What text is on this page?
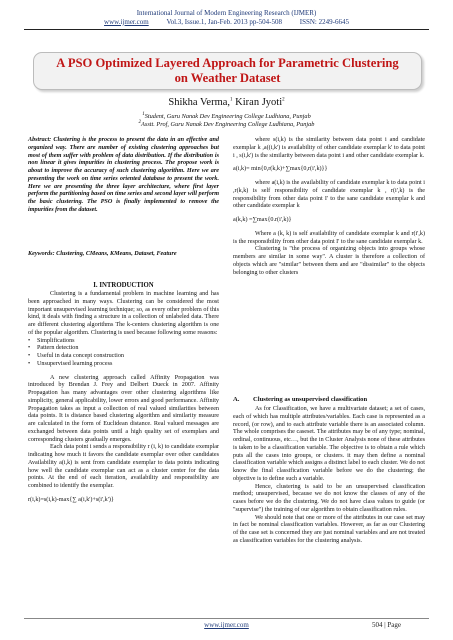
International Journal of Modern Engineering Research (IJMER)
www.ijmer.com	Vol.3, Issue.1, Jan-Feb. 2013 pp-504-508	ISSN: 2249-6645
A PSO Optimized Layered Approach for Parametric Clustering
on Weather Dataset
Shikha Verma,$^1$ Kiran Jyoti$^2$
$^1$Student, Guru Nanak Dev Engineering College Ludhiana, Punjab
$^2$Asstt. Prof, Guru Nanak Dev Engineering College Ludhiana, Punjab

Abstract: Clustering is the process to present the data in an effective and organized way. There are number of existing clustering approaches but most of them suffer with problem of data distribution. If the distribution is non linear it gives impurities in clustering process. The propose work is about to improve the accuracy of such clustering algorithm. Here we are presenting the work on time series oriented database to present the work. Here we are presenting the three layer architecture, where first layer perform the partitioning based on time series and second layer will perform the basic clustering. The PSO is finally implemented to remove the impurities from the dataset.

Keywords: Clustering, CMeans, KMeans, Dataset, Feature

I. INTRODUCTION

Clustering is a fundamental problem in machine learning and has been approached in many ways. Clustering can be considered the most important unsupervised learning technique; so, as every other problem of this kind, it deals with finding a structure in a collection of unlabeled data. There are different clustering algorithms The k-centers clustering algorithm is one of the popular algorithm. Clustering is used because following some reasons:

• Simplifications
• Pattern detection
• Useful in data concept construction
• Unsupervised learning process

A new clustering approach called Affinity Propagation was introduced by Brendan J. Frey and Delbert Dueck in 2007. Affinity Propagation has many advantages over other clustering algorithms like simplicity, general applicability, lower errors and good performance. Affinity Propagation takes as input a collection of real valued similarities between data points. It is distance based clustering algorithm and similarity measure are calculated in the form of Euclidean distance. Real valued messages are exchanged between data points until a high quality set of exemplars and corresponding clusters gradually emerges.

Each data point i sends a responsibility r (i, k) to candidate exemplar indicating how much it favors the candidate exemplar over other candidates Availability a(i,k) is sent from candidate exemplar to data points indicating how well the candidate exemplar can act as a cluster center for the data points. At the end of each iteration, availability and responsibility are combined to identify the exemplar.

r(i,k)=s(i,k)-max{∑ a(i,k')+s(i',k')}

where s(i,k) is the similarity between data point i and candidate exemplar k ,a((i,k') is availability of other candidate exemplar k' to data point i , s(i,k') is the similarity between data point i and other candidate exemplar k.

a(i,k)= min{0,r(k,k)+∑max{0,r(i',k)}}

where a(i,k) is the availability of candidate exemplar k to data point i ,r(k,k) is self responsibility of candidate exemplar k , r(i',k) is the responsibility from other data point I' to the sane candidate exemplar k and other candidate exemplar k

a(k,k) =∑max{0.r(i',k)}

Where a (k, k) is self availability of candidate exemplar k and r(i',k) is the responsibility from other data point I' to the sane candidate exemplar k.

Clustering is "the process of organizing objects into groups whose members are similar in some way". A cluster is therefore a collection of objects which are "similar" between them and are "dissimilar" to the objects belonging to other clusters

A. Clustering as unsupervised classification

As for Classification, we have a multivariate dataset; a set of cases, each of which has multiple attributes/variables. Each case is represented as a record, (or row), and to each attribute variable there is an associated column. The whole comprises the caseset. The attributes may be of any type; nominal, ordinal, continuous, etc…, but the in Cluster Analysis none of these attributes is taken to be a classification variable. The objective is to obtain a rule which puts all the cases into groups, or clusters. it may then define a nominal classification variable which assigns a distinct label to each cluster. We do not know the final classification variable before we do the clustering; the objective is to define such a variable.

Hence, clustering is said to be an unsupervised classification method; unsupervised, because we do not know the classes of any of the cases before we do the clustering. We do not have class values to guide (or "supervise") the training of our algorithm to obtain classification rules.

We should note that one or more of the attributes in our case set may in fact be nominal classification variables. However, as far as our Clustering of the case set is concerned they are just nominal variables and are not treated as classification variables for the clustering analysis.

www.ijmer.com	504 | Page
